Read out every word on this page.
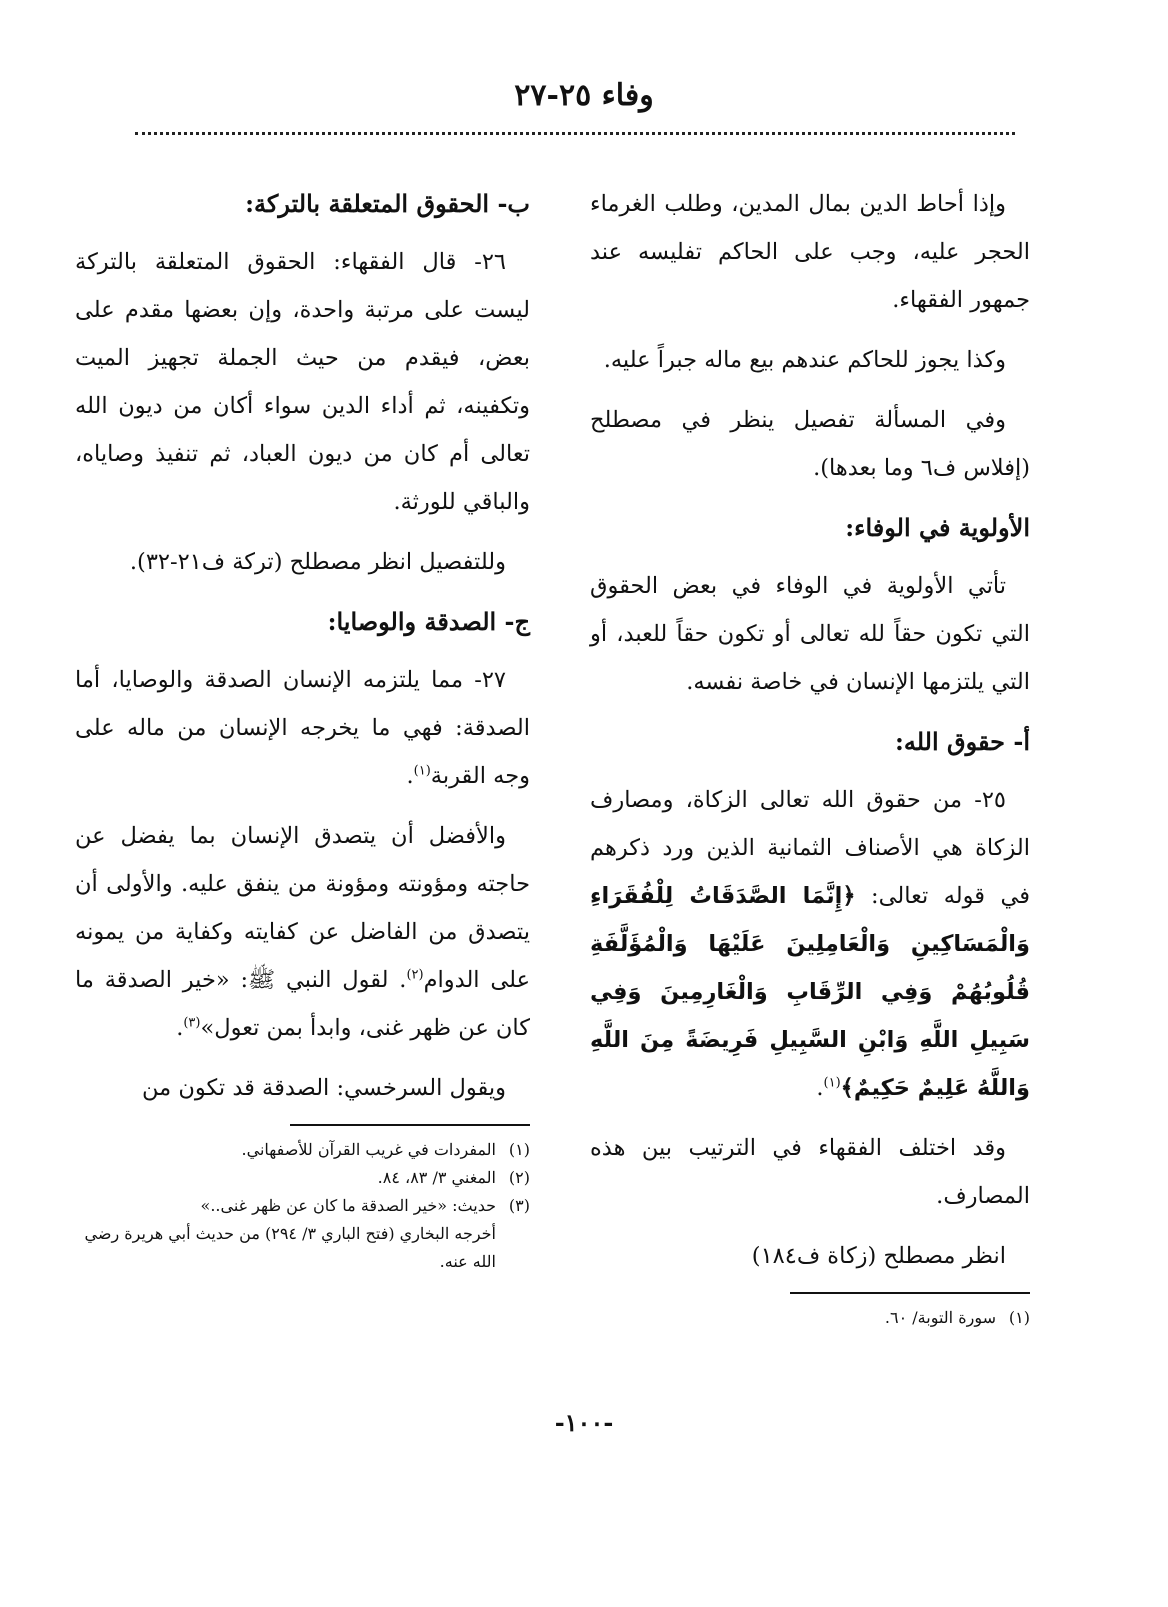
وفاء ٢٥-٢٧

وإذا أحاط الدين بمال المدين، وطلب الغرماء الحجر عليه، وجب على الحاكم تفليسه عند جمهور الفقهاء.

وكذا يجوز للحاكم عندهم بيع ماله جبراً عليه.

وفي المسألة تفصيل ينظر في مصطلح (إفلاس ف٦ وما بعدها).

الأولوية في الوفاء:

تأتي الأولوية في الوفاء في بعض الحقوق التي تكون حقاً لله تعالى أو تكون حقاً للعبد، أو التي يلتزمها الإنسان في خاصة نفسه.

أ- حقوق الله:

٢٥- من حقوق الله تعالى الزكاة، ومصارف الزكاة هي الأصناف الثمانية الذين ورد ذكرهم في قوله تعالى: ﴿إِنَّمَا الصَّدَقَاتُ لِلْفُقَرَاءِ وَالْمَسَاكِينِ وَالْعَامِلِينَ عَلَيْهَا وَالْمُؤَلَّفَةِ قُلُوبُهُمْ وَفِي الرِّقَابِ وَالْغَارِمِينَ وَفِي سَبِيلِ اللَّهِ وَابْنِ السَّبِيلِ فَرِيضَةً مِنَ اللَّهِ وَاللَّهُ عَلِيمٌ حَكِيمٌ﴾$^{(١)}$.

وقد اختلف الفقهاء في الترتيب بين هذه المصارف.

انظر مصطلح (زكاة ف١٨٤)

(١)سورة التوبة/ ٦٠.

ب- الحقوق المتعلقة بالتركة:

٢٦- قال الفقهاء: الحقوق المتعلقة بالتركة ليست على مرتبة واحدة، وإن بعضها مقدم على بعض، فيقدم من حيث الجملة تجهيز الميت وتكفينه، ثم أداء الدين سواء أكان من ديون الله تعالى أم كان من ديون العباد، ثم تنفيذ وصاياه، والباقي للورثة.

وللتفصيل انظر مصطلح (تركة ف٢١-٣٢).

ج- الصدقة والوصايا:

٢٧- مما يلتزمه الإنسان الصدقة والوصايا، أما الصدقة: فهي ما يخرجه الإنسان من ماله على وجه القربة$^{(١)}$.

والأفضل أن يتصدق الإنسان بما يفضل عن حاجته ومؤونته ومؤونة من ينفق عليه. والأولى أن يتصدق من الفاضل عن كفايته وكفاية من يمونه على الدوام$^{(٢)}$. لقول النبي ﷺ: «خير الصدقة ما كان عن ظهر غنى، وابدأ بمن تعول»$^{(٣)}$.

ويقول السرخسي: الصدقة قد تكون من

(١)المفردات في غريب القرآن للأصفهاني.

(٢)المغني ٣/ ٨٣، ٨٤.

(٣)حديث: «خير الصدقة ما كان عن ظهر غنى..»

أخرجه البخاري (فتح الباري ٣/ ٢٩٤) من حديث أبي هريرة رضي الله عنه.

-١٠٠-
